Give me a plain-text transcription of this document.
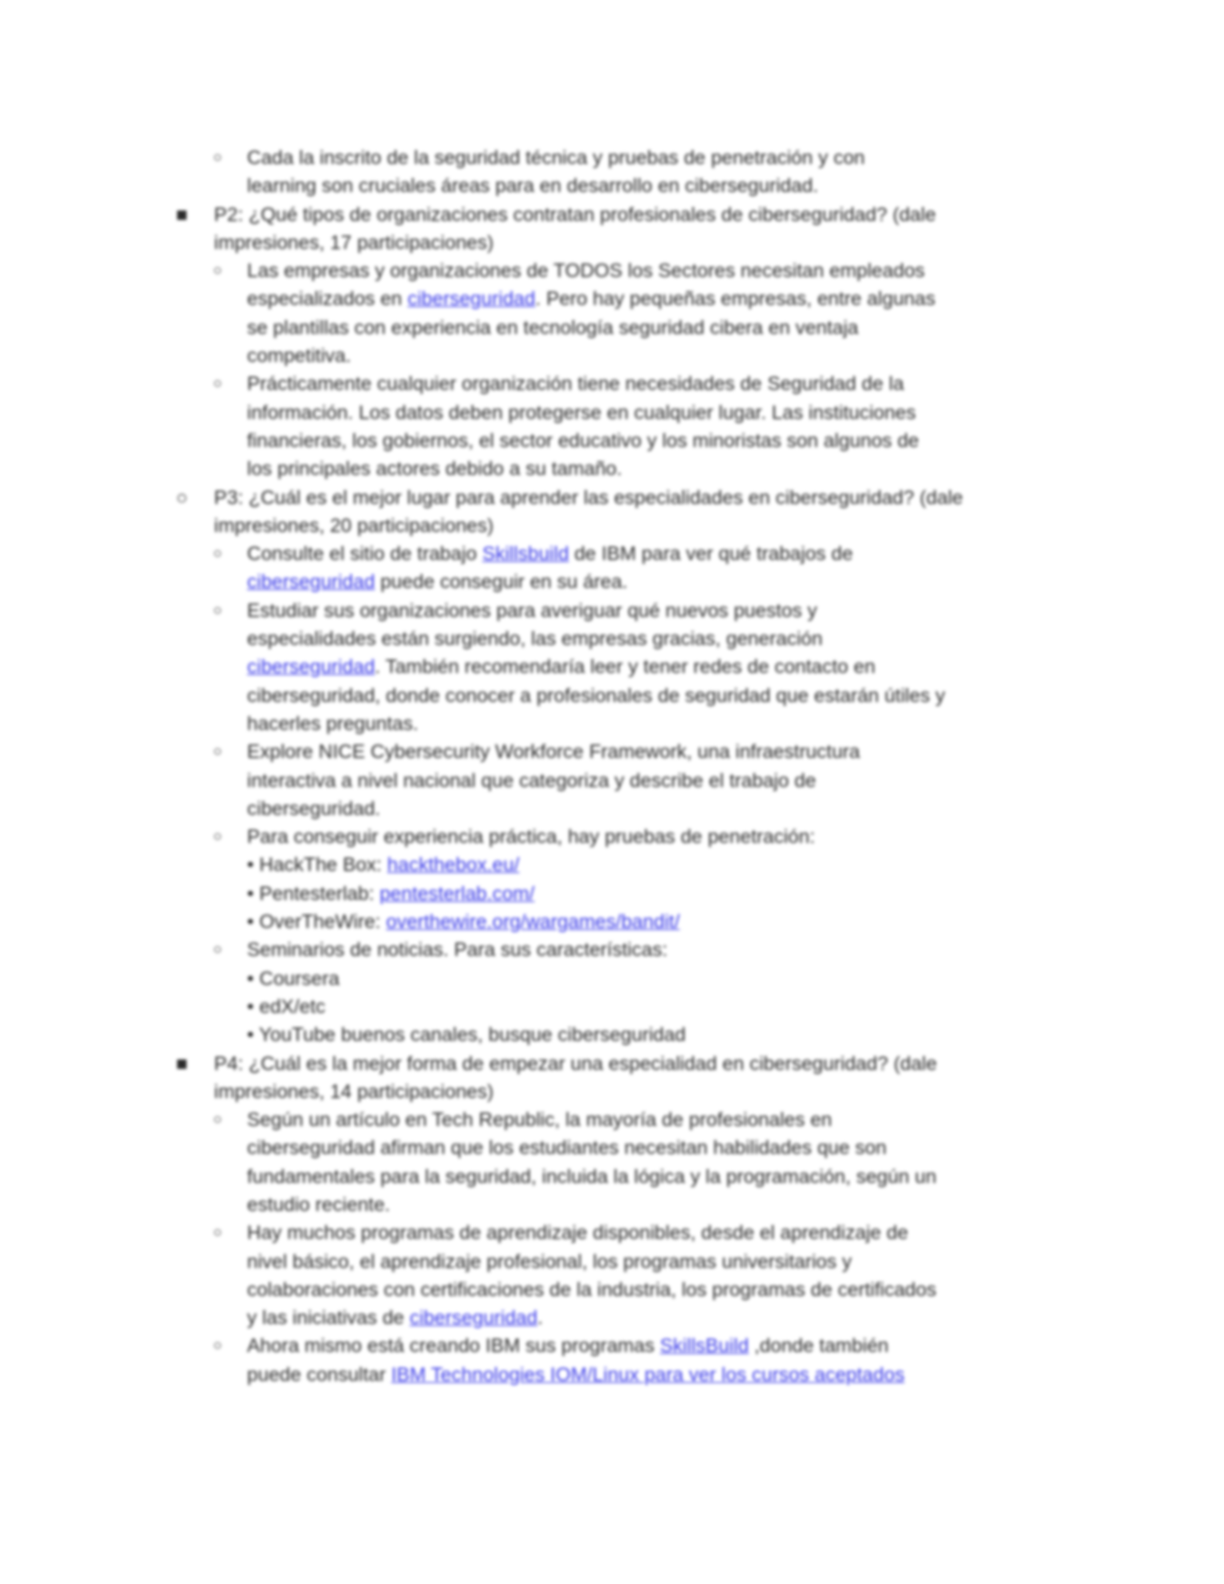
○	Cada la inscrito de la seguridad técnica y pruebas de penetración y con
learning son cruciales áreas para en desarrollo en ciberseguridad.
■	P2: ¿Qué tipos de organizaciones contratan profesionales de ciberseguridad? (dale
impresiones, 17 participaciones)
○	Las empresas y organizaciones de TODOS los Sectores necesitan empleados
especializados en ciberseguridad. Pero hay pequeñas empresas, entre algunas
se plantillas con experiencia en tecnología seguridad cibera en ventaja
competitiva.
○	Prácticamente cualquier organización tiene necesidades de Seguridad de la
información. Los datos deben protegerse en cualquier lugar. Las instituciones
financieras, los gobiernos, el sector educativo y los minoristas son algunos de
los principales actores debido a su tamaño.
○	P3: ¿Cuál es el mejor lugar para aprender las especialidades en ciberseguridad? (dale
impresiones, 20 participaciones)
○	Consulte el sitio de trabajo Skillsbuild de IBM para ver qué trabajos de
ciberseguridad puede conseguir en su área.
○	Estudiar sus organizaciones para averiguar qué nuevos puestos y
especialidades están surgiendo, las empresas gracias, generación
ciberseguridad. También recomendaría leer y tener redes de contacto en
ciberseguridad, donde conocer a profesionales de seguridad que estarán útiles y
hacerles preguntas.
○	Explore NICE Cybersecurity Workforce Framework, una infraestructura
interactiva a nivel nacional que categoriza y describe el trabajo de
ciberseguridad.
○	Para conseguir experiencia práctica, hay pruebas de penetración:
• HackThe Box: hackthebox.eu/
• Pentesterlab: pentesterlab.com/
• OverTheWire: overthewire.org/wargames/bandit/
○	Seminarios de noticias. Para sus características:
• Coursera
• edX/etc
• YouTube buenos canales, busque ciberseguridad
■	P4: ¿Cuál es la mejor forma de empezar una especialidad en ciberseguridad? (dale
impresiones, 14 participaciones)
○	Según un artículo en Tech Republic, la mayoría de profesionales en
ciberseguridad afirman que los estudiantes necesitan habilidades que son
fundamentales para la seguridad, incluida la lógica y la programación, según un
estudio reciente.
○	Hay muchos programas de aprendizaje disponibles, desde el aprendizaje de
nivel básico, el aprendizaje profesional, los programas universitarios y
colaboraciones con certificaciones de la industria, los programas de certificados
y las iniciativas de ciberseguridad.
○	Ahora mismo está creando IBM sus programas SkillsBuild ,donde también
puede consultar IBM Technologies IOM/Linux para ver los cursos aceptados
